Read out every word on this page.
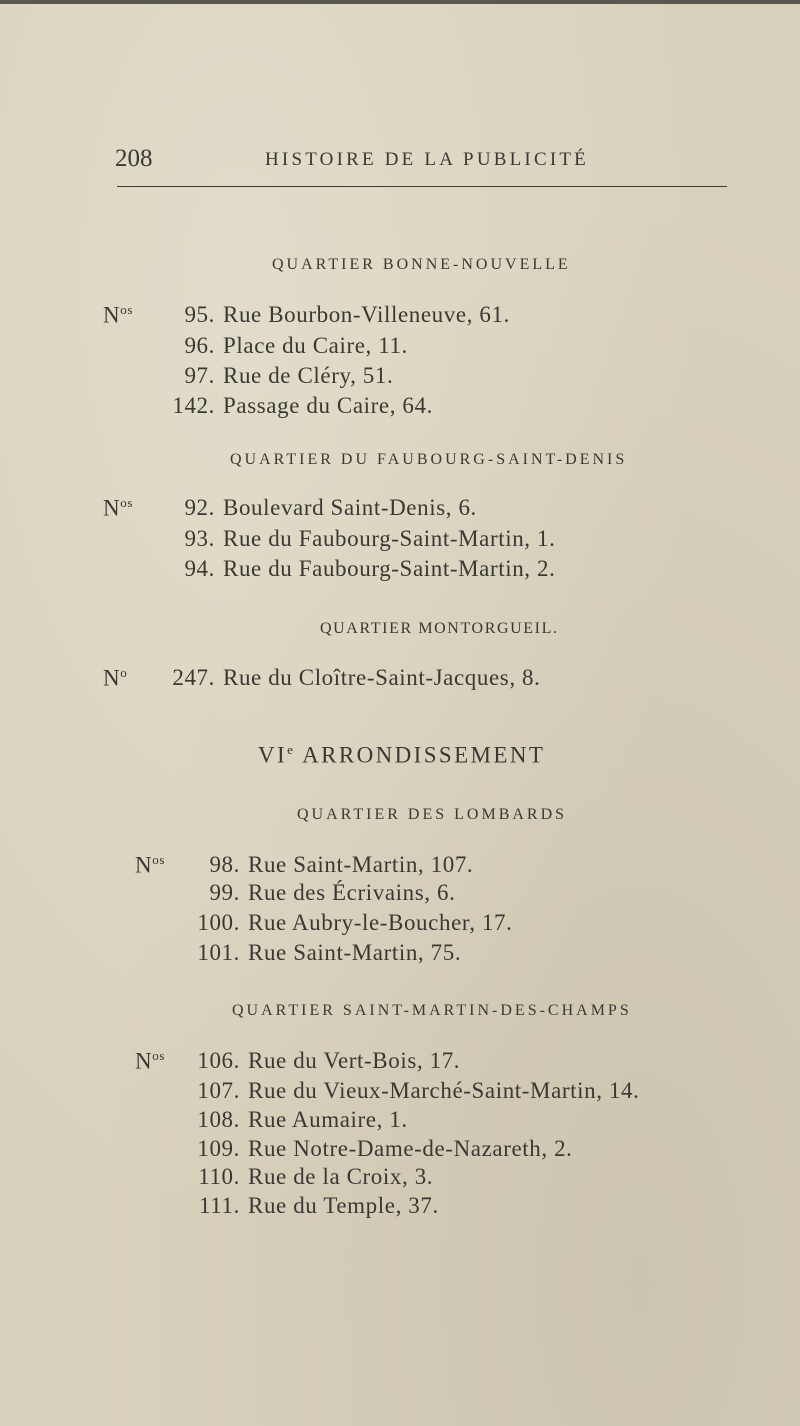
208	HISTOIRE DE LA PUBLICITÉ
QUARTIER BONNE-NOUVELLE
$N^{os}$	95. Rue Bourbon-Villeneuve, 61.
96. Place du Caire, 11.
97. Rue de Cléry, 51.
142. Passage du Caire, 64.
QUARTIER DU FAUBOURG-SAINT-DENIS
$N^{os}$	92. Boulevard Saint-Denis, 6.
93. Rue du Faubourg-Saint-Martin, 1.
94. Rue du Faubourg-Saint-Martin, 2.
QUARTIER MONTORGUEIL.
$N^o$	247. Rue du Cloître-Saint-Jacques, 8.
VIe ARRONDISSEMENT
QUARTIER DES LOMBARDS
$N^{os}$	98. Rue Saint-Martin, 107.
99. Rue des Écrivains, 6.
100. Rue Aubry-le-Boucher, 17.
101. Rue Saint-Martin, 75.
QUARTIER SAINT-MARTIN-DES-CHAMPS
$N^{os}$	106. Rue du Vert-Bois, 17.
107. Rue du Vieux-Marché-Saint-Martin, 14.
108. Rue Aumaire, 1.
109. Rue Notre-Dame-de-Nazareth, 2.
110. Rue de la Croix, 3.
111. Rue du Temple, 37.
